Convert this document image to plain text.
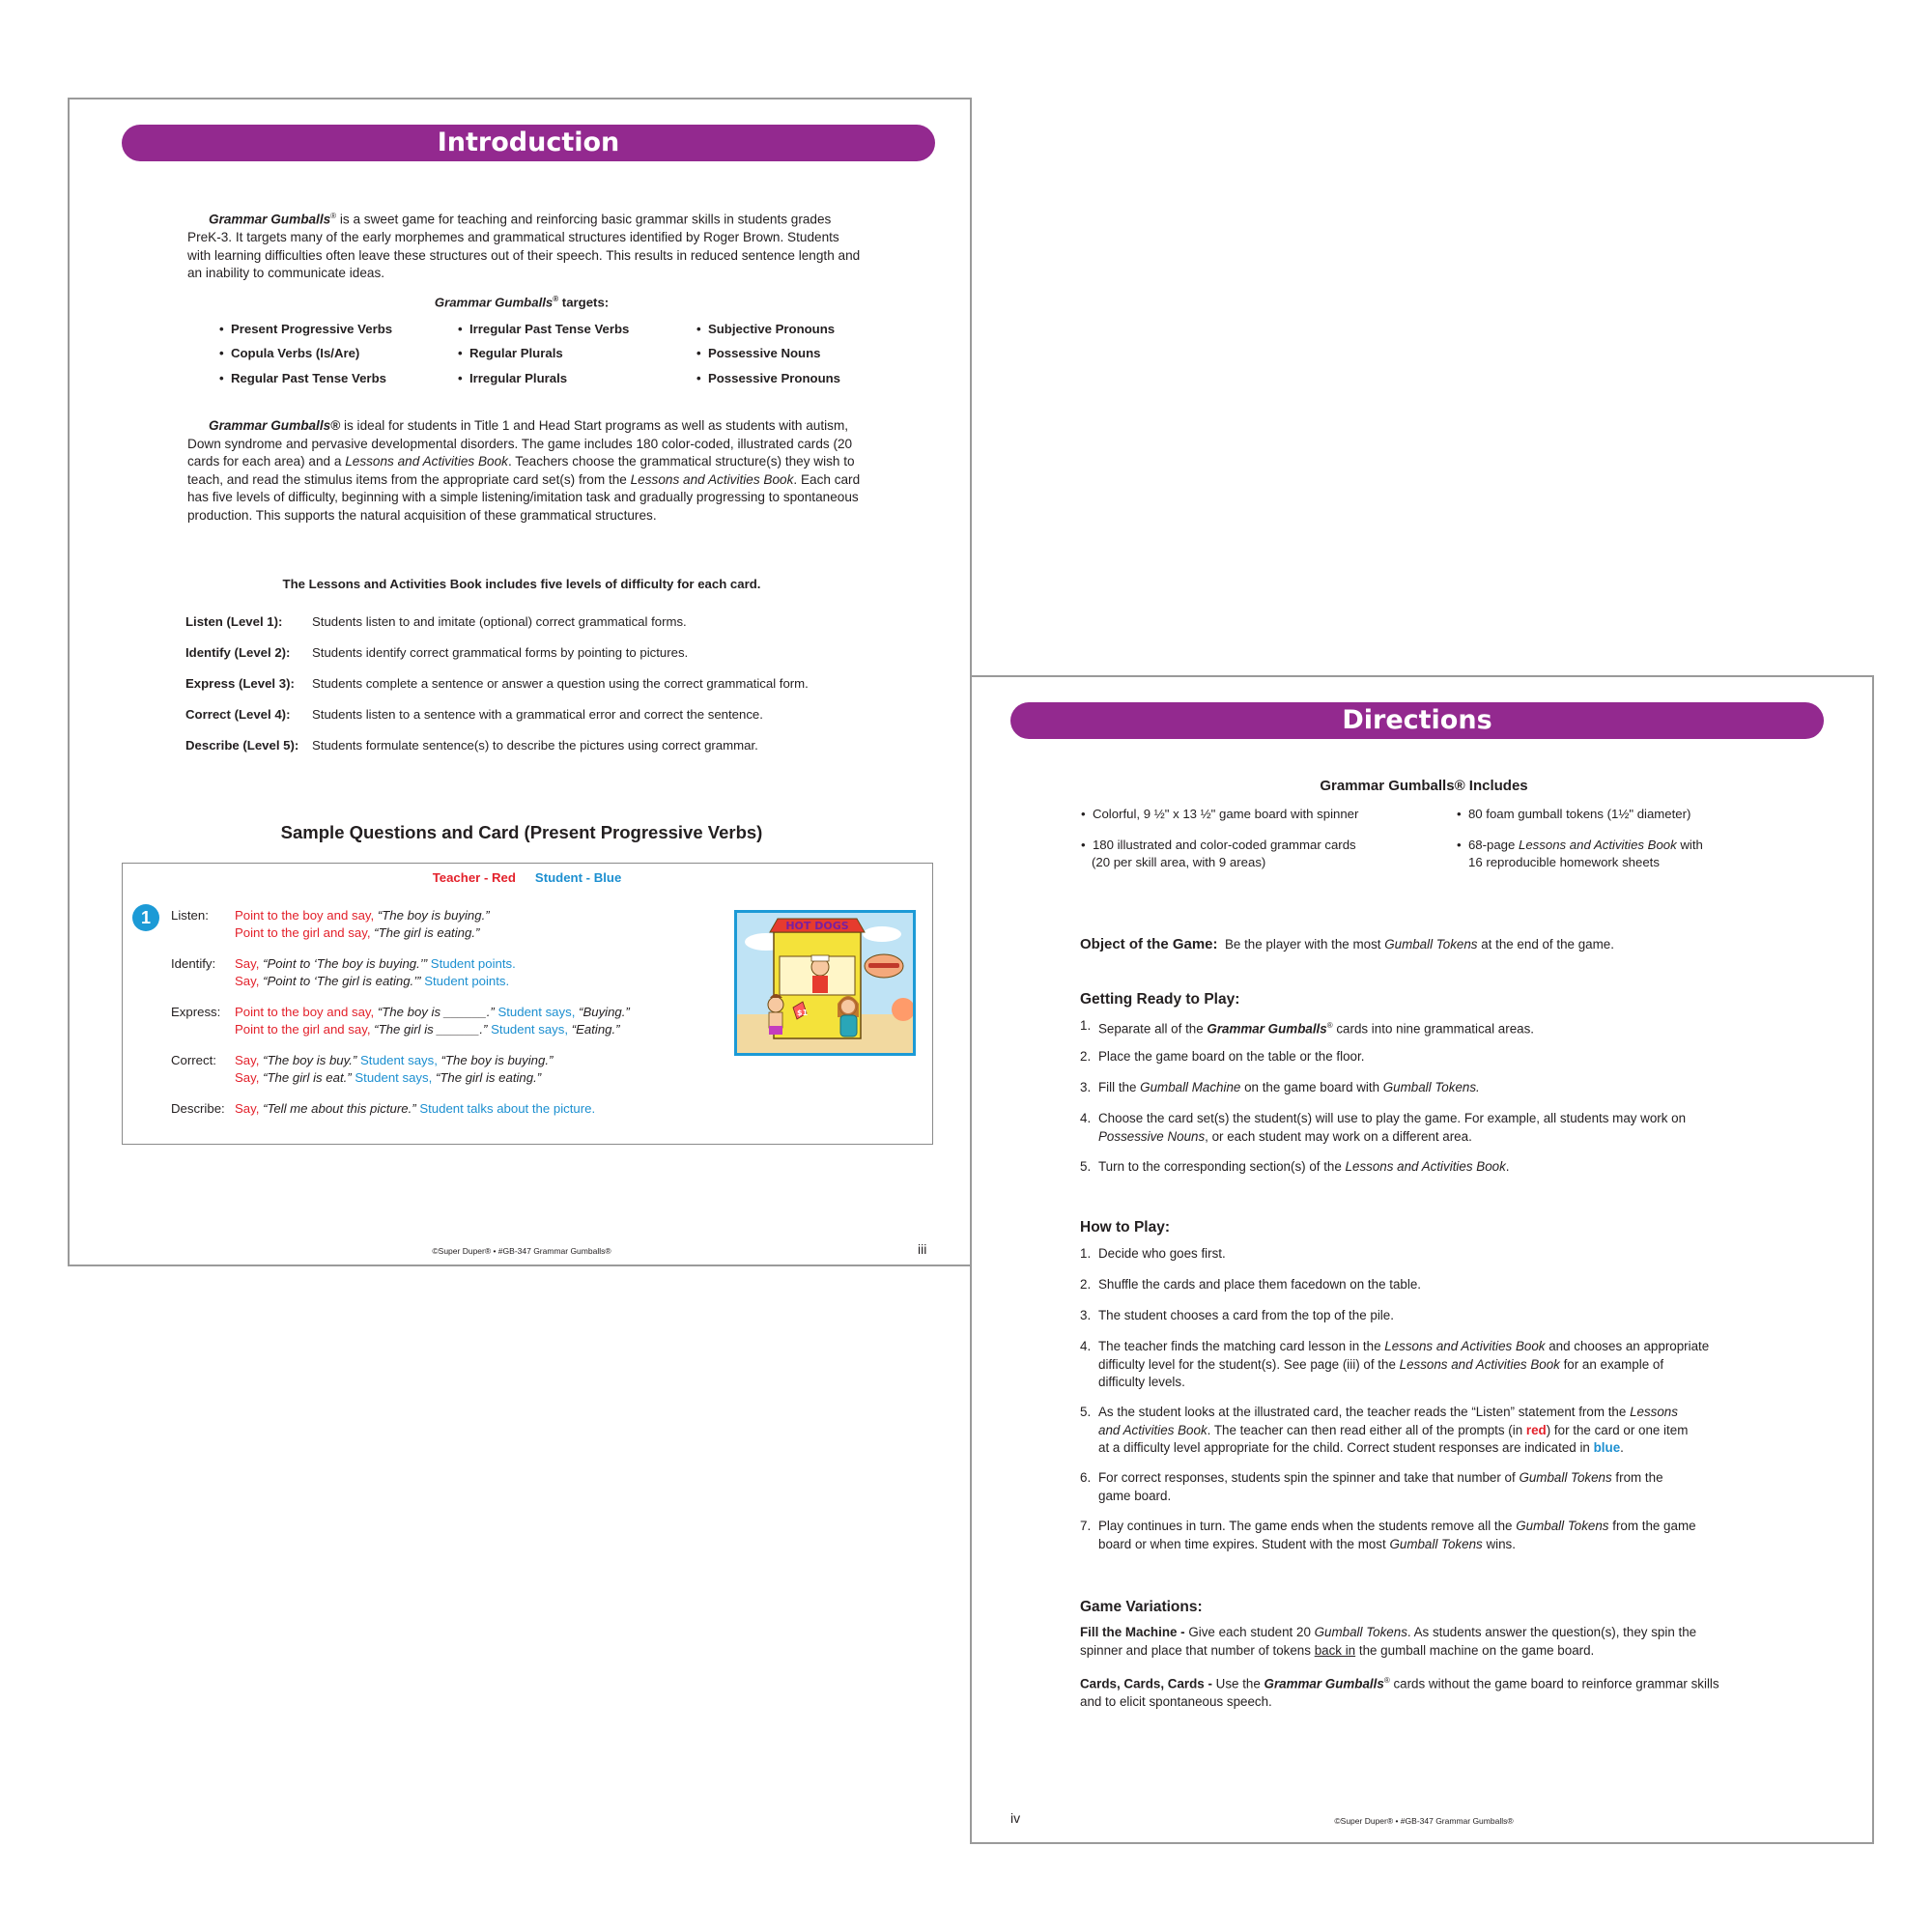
Introduction
Grammar Gumballs® is a sweet game for teaching and reinforcing basic grammar skills in students grades PreK-3. It targets many of the early morphemes and grammatical structures identified by Roger Brown. Students with learning difficulties often leave these structures out of their speech. This results in reduced sentence length and an inability to communicate ideas.
Grammar Gumballs® targets:
•  Present Progressive Verbs
•  Copula Verbs (Is/Are)
•  Regular Past Tense Verbs
•  Irregular Past Tense Verbs
•  Regular Plurals
•  Irregular Plurals
•  Subjective Pronouns
•  Possessive Nouns
•  Possessive Pronouns
Grammar Gumballs® is ideal for students in Title 1 and Head Start programs as well as students with autism, Down syndrome and pervasive developmental disorders. The game includes 180 color-coded, illustrated cards (20 cards for each area) and a Lessons and Activities Book. Teachers choose the grammatical structure(s) they wish to teach, and read the stimulus items from the appropriate card set(s) from the Lessons and Activities Book. Each card has five levels of difficulty, beginning with a simple listening/imitation task and gradually progressing to spontaneous production. This supports the natural acquisition of these grammatical structures.
The Lessons and Activities Book includes five levels of difficulty for each card.
Listen (Level 1): Students listen to and imitate (optional) correct grammatical forms.
Identify (Level 2): Students identify correct grammatical forms by pointing to pictures.
Express (Level 3): Students complete a sentence or answer a question using the correct grammatical form.
Correct (Level 4): Students listen to a sentence with a grammatical error and correct the sentence.
Describe (Level 5): Students formulate sentence(s) to describe the pictures using correct grammar.
Sample Questions and Card (Present Progressive Verbs)
Teacher - Red Student - Blue
1	Listen: Point to the boy and say, “The boy is buying.”
Point to the girl and say, “The girl is eating.”
Identify: Say, “Point to ‘The boy is buying.’” Student points.
Say, “Point to ‘The girl is eating.’” Student points.
Express: Point to the boy and say, “The boy is ______.” Student says, “Buying.”
Point to the girl and say, “The girl is ______.” Student says, “Eating.”
Correct: Say, “The boy is buy.” Student says, “The boy is buying.”
Say, “The girl is eat.” Student says, “The girl is eating.”
Describe: Say, “Tell me about this picture.” Student talks about the picture.
HOT DOGS
$1
©Super Duper® • #GB-347 Grammar Gumballs®	iii
Directions
Grammar Gumballs® Includes
•  Colorful, 9 ½" x 13 ½" game board with spinner
•  180 illustrated and color-coded grammar cards
(20 per skill area, with 9 areas)
•  80 foam gumball tokens (1½" diameter)
•  68-page Lessons and Activities Book with
16 reproducible homework sheets
Object of the Game: Be the player with the most Gumball Tokens at the end of the game.
Getting Ready to Play:
1. Separate all of the Grammar Gumballs® cards into nine grammatical areas.
2. Place the game board on the table or the floor.
3. Fill the Gumball Machine on the game board with Gumball Tokens.
4. Choose the card set(s) the student(s) will use to play the game. For example, all students may work on
Possessive Nouns, or each student may work on a different area.
5. Turn to the corresponding section(s) of the Lessons and Activities Book.
How to Play:
1. Decide who goes first.
2. Shuffle the cards and place them facedown on the table.
3. The student chooses a card from the top of the pile.
4. The teacher finds the matching card lesson in the Lessons and Activities Book and chooses an appropriate
difficulty level for the student(s). See page (iii) of the Lessons and Activities Book for an example of
difficulty levels.
5. As the student looks at the illustrated card, the teacher reads the “Listen” statement from the Lessons
and Activities Book. The teacher can then read either all of the prompts (in red) for the card or one item
at a difficulty level appropriate for the child. Correct student responses are indicated in blue.
6. For correct responses, students spin the spinner and take that number of Gumball Tokens from the
game board.
7. Play continues in turn. The game ends when the students remove all the Gumball Tokens from the game
board or when time expires. Student with the most Gumball Tokens wins.
Game Variations:
Fill the Machine - Give each student 20 Gumball Tokens. As students answer the question(s), they spin the
spinner and place that number of tokens back in the gumball machine on the game board.
Cards, Cards, Cards - Use the Grammar Gumballs® cards without the game board to reinforce grammar skills
and to elicit spontaneous speech.
©Super Duper® • #GB-347 Grammar Gumballs®
iv
